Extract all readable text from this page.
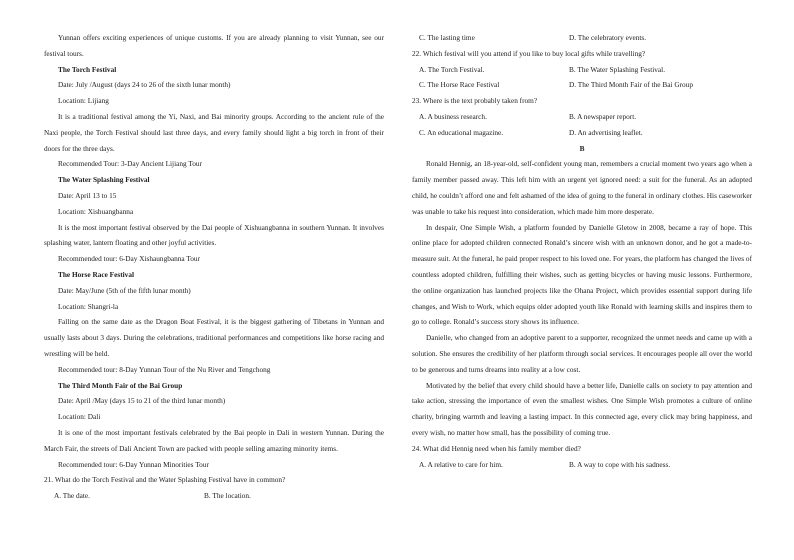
Yunnan offers exciting experiences of unique customs. If you are already planning to visit Yunnan, see our festival tours.

The Torch Festival

Date: July /August (days 24 to 26 of the sixth lunar month)

Location: Lijiang

It is a traditional festival among the Yi, Naxi, and Bai minority groups. According to the ancient rule of the Naxi people, the Torch Festival should last three days, and every family should light a big torch in front of their doors for the three days.

Recommended Tour: 3-Day Ancient Lijiang Tour

The Water Splashing Festival

Date: April 13 to 15

Location: Xishuangbanna

It is the most important festival observed by the Dai people of Xishuangbanna in southern Yunnan. It involves splashing water, lantern floating and other joyful activities.

Recommended tour: 6-Day Xishaungbanna Tour

The Horse Race Festival

Date: May/June (5th of the fifth lunar month)

Location: Shangri-la

Falling on the same date as the Dragon Boat Festival, it is the biggest gathering of Tibetans in Yunnan and usually lasts about 3 days. During the celebrations, traditional performances and competitions like horse racing and wrestling will be held.

Recommended tour: 8-Day Yunnan Tour of the Nu River and Tengchong

The Third Month Fair of the Bai Group

Date: April /May (days 15 to 21 of the third lunar month)

Location: Dali

It is one of the most important festivals celebrated by the Bai people in Dali in western Yunnan. During the March Fair, the streets of Dali Ancient Town are packed with people selling amazing minority items.

Recommended tour: 6-Day Yunnan Minorities Tour

21. What do the Torch Festival and the Water Splashing Festival have in common?

A. The date.	B. The location.
C. The lasting time	D. The celebratory events.

22. Which festival will you attend if you like to buy local gifts while travelling?

A. The Torch Festival.	B. The Water Splashing Festival.
C. The Horse Race Festival	D. The Third Month Fair of the Bai Group

23. Where is the text probably taken from?

A. A business research.	B. A newspaper report.
C. An educational magazine.	D. An advertising leaflet.

B

Ronald Hennig, an 18-year-old, self-confident young man, remembers a crucial moment two years ago when a family member passed away. This left him with an urgent yet ignored need: a suit for the funeral. As an adopted child, he couldn’t afford one and felt ashamed of the idea of going to the funeral in ordinary clothes. His caseworker was unable to take his request into consideration, which made him more desperate.

In despair, One Simple Wish, a platform founded by Danielle Gletow in 2008, became a ray of hope. This online place for adopted children connected Ronald’s sincere wish with an unknown donor, and he got a made-to-measure suit. At the funeral, he paid proper respect to his loved one. For years, the platform has changed the lives of countless adopted children, fulfilling their wishes, such as getting bicycles or having music lessons. Furthermore, the online organization has launched projects like the Ohana Project, which provides essential support during life changes, and Wish to Work, which equips older adopted youth like Ronald with learning skills and inspires them to go to college. Ronald’s success story shows its influence.

Danielle, who changed from an adoptive parent to a supporter, recognized the unmet needs and came up with a solution. She ensures the credibility of her platform through social services. It encourages people all over the world to be generous and turns dreams into reality at a low cost.

Motivated by the belief that every child should have a better life, Danielle calls on society to pay attention and take action, stressing the importance of even the smallest wishes. One Simple Wish promotes a culture of online charity, bringing warmth and leaving a lasting impact. In this connected age, every click may bring happiness, and every wish, no matter how small, has the possibility of coming true.

24. What did Hennig need when his family member died?

A. A relative to care for him.	B. A way to cope with his sadness.
